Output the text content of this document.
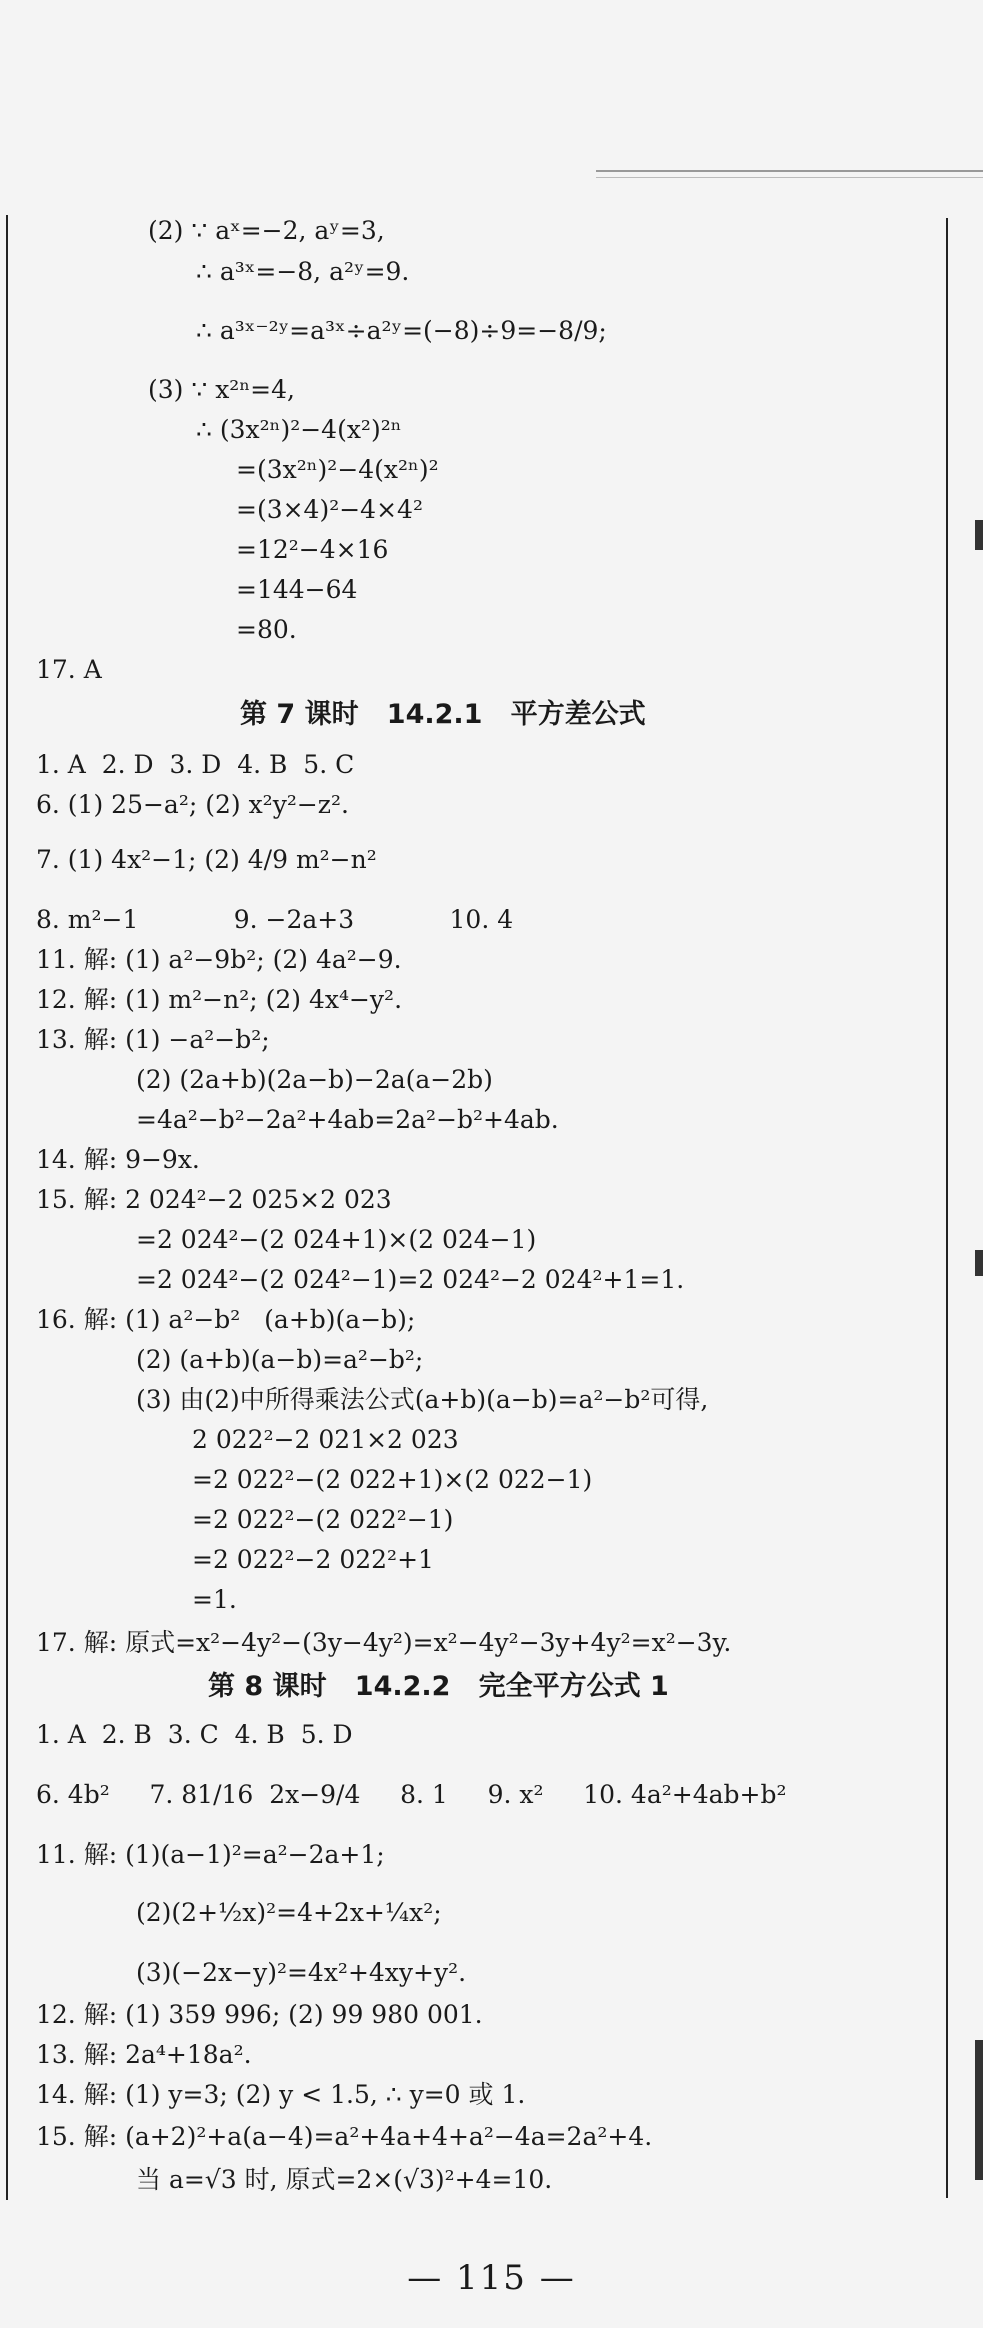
(2) ∵ aˣ=−2, aʸ=3,
∴ a³ˣ=−8, a²ʸ=9.
∴ a³ˣ⁻²ʸ=a³ˣ÷a²ʸ=(−8)÷9=−8/9;
(3) ∵ x²ⁿ=4,
∴ (3x²ⁿ)²−4(x²)²ⁿ
=(3x²ⁿ)²−4(x²ⁿ)²
=(3×4)²−4×4²
=12²−4×16
=144−64
=80.
17. A
1. A  2. D  3. D  4. B  5. C
6. (1) 25−a²; (2) x²y²−z².
7. (1) 4x²−1; (2) 4/9 m²−n²
8. m²−1            9. −2a+3            10. 4
11. 解: (1) a²−9b²; (2) 4a²−9.
12. 解: (1) m²−n²; (2) 4x⁴−y².
13. 解: (1) −a²−b²;
(2) (2a+b)(2a−b)−2a(a−2b)
=4a²−b²−2a²+4ab=2a²−b²+4ab.
14. 解: 9−9x.
15. 解: 2 024²−2 025×2 023
=2 024²−(2 024+1)×(2 024−1)
=2 024²−(2 024²−1)=2 024²−2 024²+1=1.
16. 解: (1) a²−b²   (a+b)(a−b);
(2) (a+b)(a−b)=a²−b²;
(3) 由(2)中所得乘法公式(a+b)(a−b)=a²−b²可得,
2 022²−2 021×2 023
=2 022²−(2 022+1)×(2 022−1)
=2 022²−(2 022²−1)
=2 022²−2 022²+1
=1.
17. 解: 原式=x²−4y²−(3y−4y²)=x²−4y²−3y+4y²=x²−3y.
1. A  2. B  3. C  4. B  5. D
6. 4b²     7. 81/16  2x−9/4     8. 1     9. x²     10. 4a²+4ab+b²
11. 解: (1)(a−1)²=a²−2a+1;
(2)(2+½x)²=4+2x+¼x²;
(3)(−2x−y)²=4x²+4xy+y².
12. 解: (1) 359 996; (2) 99 980 001.
13. 解: 2a⁴+18a².
14. 解: (1) y=3; (2) y < 1.5, ∴ y=0 或 1.
15. 解: (a+2)²+a(a−4)=a²+4a+4+a²−4a=2a²+4.
当 a=√3 时, 原式=2×(√3)²+4=10.
第 7 课时   14.2.1   平方差公式
第 8 课时   14.2.2   完全平方公式 1
— 115 —
